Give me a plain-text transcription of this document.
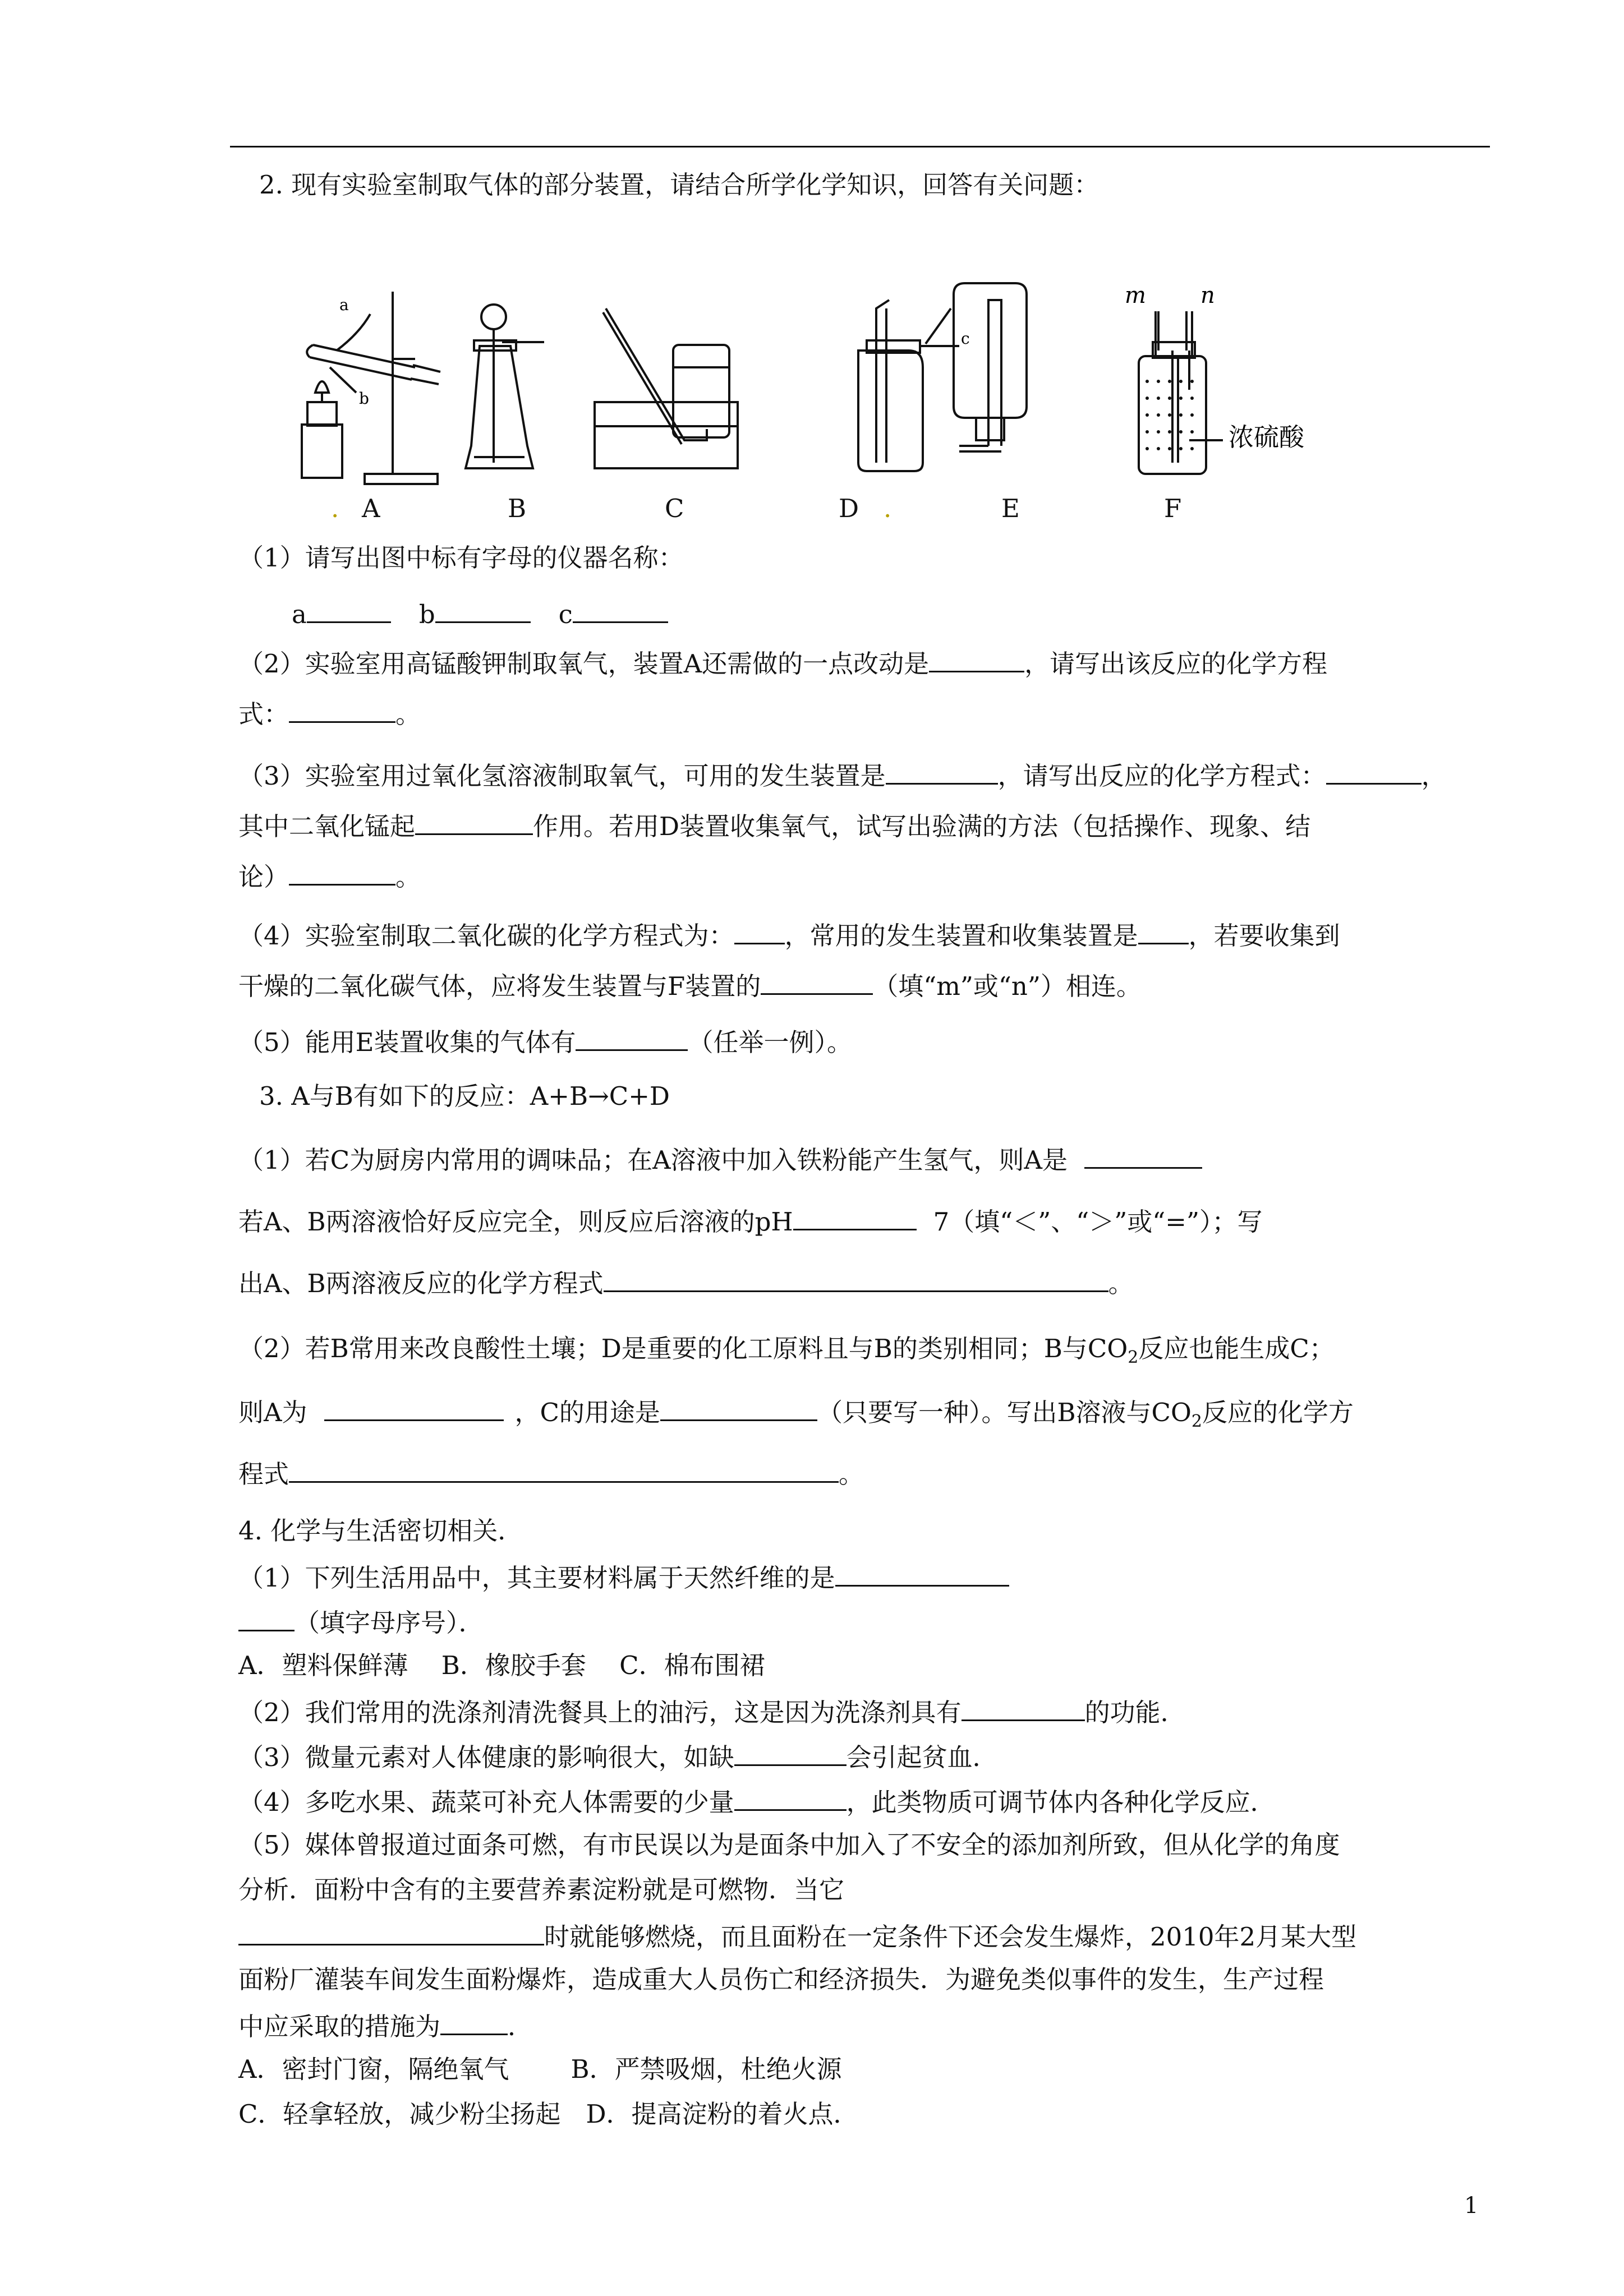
2. 现有实验室制取气体的部分装置，请结合所学化学知识，回答有关问题：
a
b
c
m n
浓硫酸
. A	B	C	D .	E	F
（1）请写出图中标有字母的仪器名称：
a	b	c
（2）实验室用高锰酸钾制取氧气，装置A还需做的一点改动是	，请写出该反应的化学方程
式：	。
（3）实验室用过氧化氢溶液制取氧气，可用的发生装置是	，请写出反应的化学方程式：	，
其中二氧化锰起	作用。若用D装置收集氧气，试写出验满的方法（包括操作、现象、结
论）	。
（4）实验室制取二氧化碳的化学方程式为： ，常用的发生装置和收集装置是 ，若要收集到
干燥的二氧化碳气体，应将发生装置与F装置的	（填“m”或“n”）相连。
（5）能用E装置收集的气体有	（任举一例）。
3. A与B有如下的反应：A+B→C+D
（1）若C为厨房内常用的调味品；在A溶液中加入铁粉能产生氢气，则A是
若A、B两溶液恰好反应完全，则反应后溶液的pH	7（填“＜”、“＞”或“=”）；写
出A、B两溶液反应的化学方程式	。
（2）若B常用来改良酸性土壤；D是重要的化工原料且与B的类别相同；B与$CO_2$反应也能生成C；
则A为	，C的用途是	（只要写一种）。写出B溶液与$CO_2$反应的化学方
程式	。
4. 化学与生活密切相关．
（1）下列生活用品中，其主要材料属于天然纤维的是
（填字母序号）．
A．塑料保鲜薄　 B．橡胶手套　 C．棉布围裙
（2）我们常用的洗涤剂清洗餐具上的油污，这是因为洗涤剂具有	的功能．
（3）微量元素对人体健康的影响很大，如缺	会引起贫血．
（4）多吃水果、蔬菜可补充人体需要的少量	，此类物质可调节体内各种化学反应．
（5）媒体曾报道过面条可燃，有市民误以为是面条中加入了不安全的添加剂所致，但从化学的角度
分析．面粉中含有的主要营养素淀粉就是可燃物．当它
时就能够燃烧，而且面粉在一定条件下还会发生爆炸，2010年2月某大型
面粉厂灌装车间发生面粉爆炸，造成重大人员伤亡和经济损失．为避免类似事件的发生，生产过程
中应采取的措施为	．
A．密封门窗，隔绝氧气 B．严禁吸烟，杜绝火源
C．轻拿轻放，减少粉尘扬起 D．提高淀粉的着火点．
1
